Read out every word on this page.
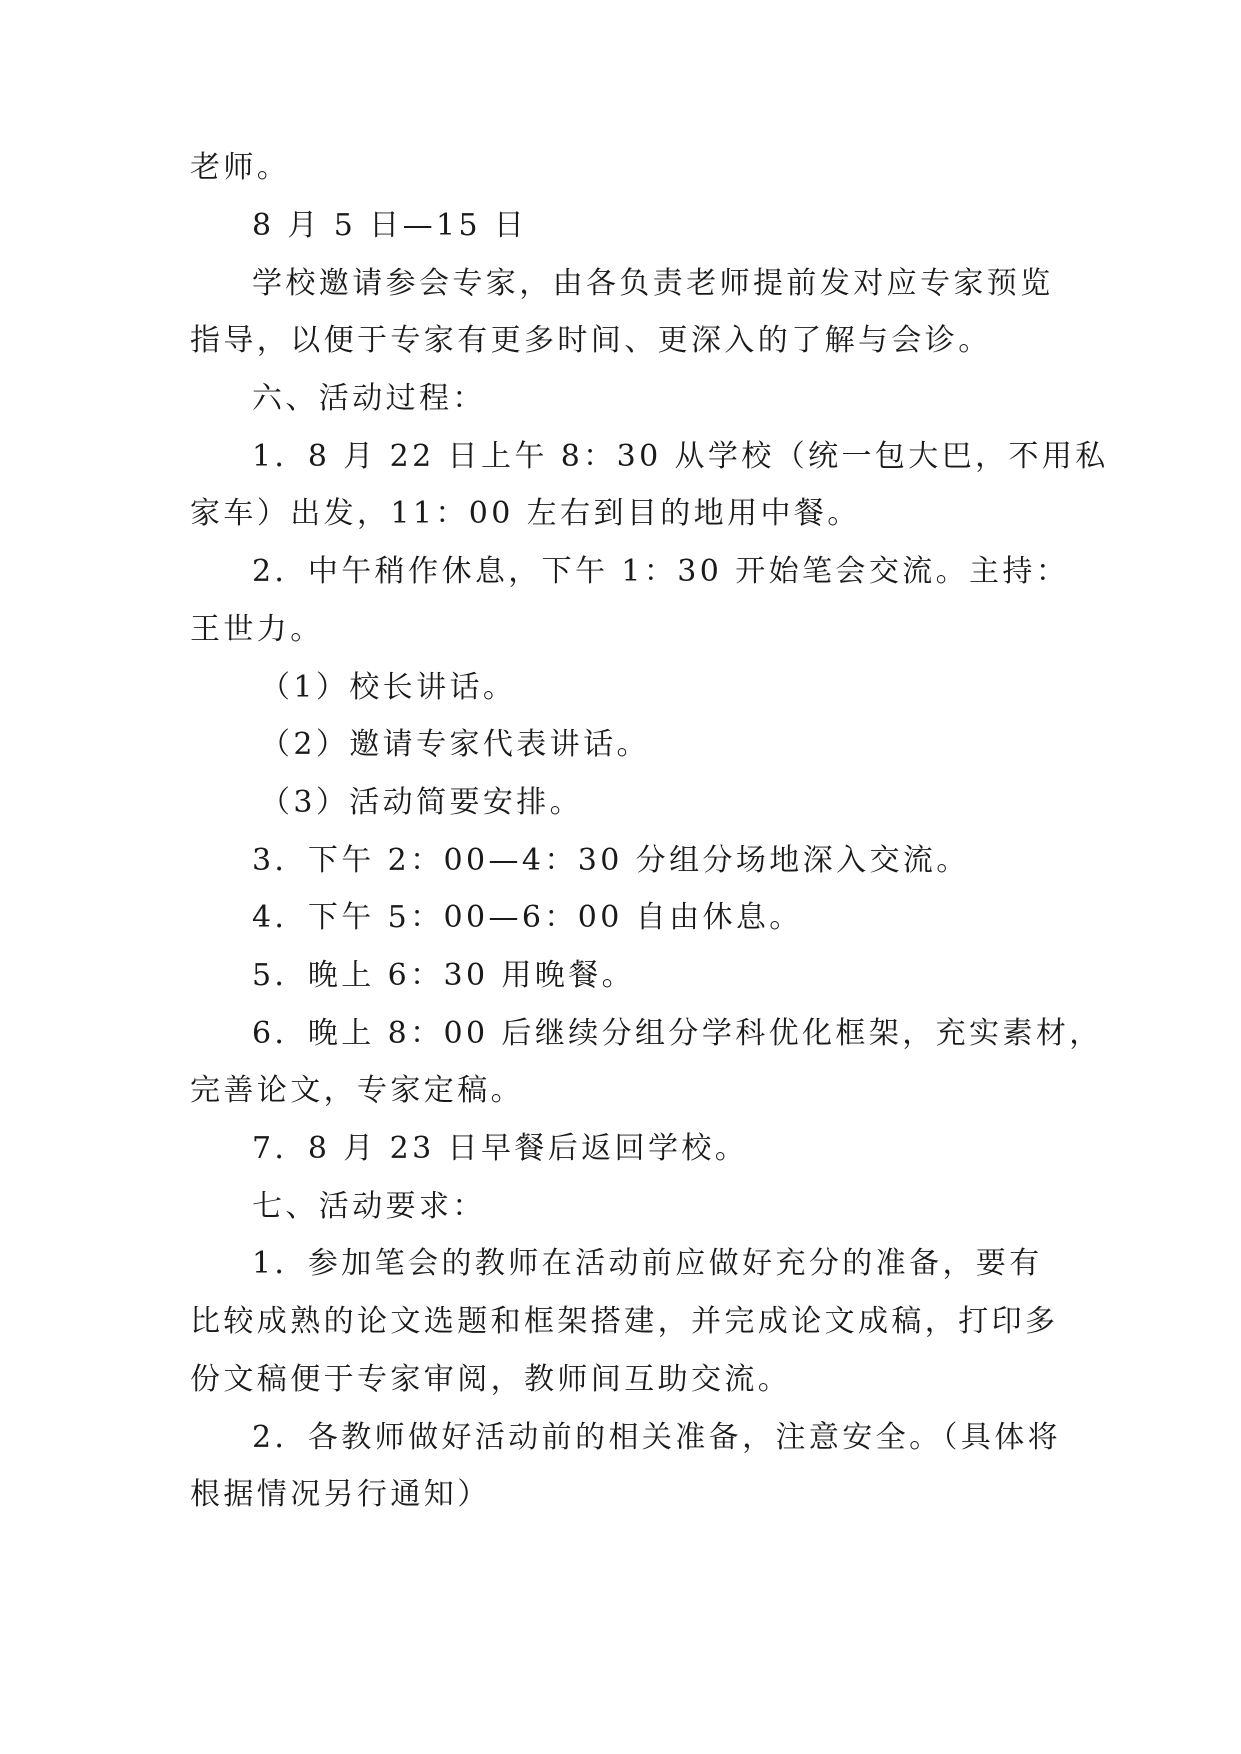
老师。
8 月 5 日—15 日
学校邀请参会专家，由各负责老师提前发对应专家预览
指导，以便于专家有更多时间、更深入的了解与会诊。
六、活动过程：
1．8 月 22 日上午 8：30 从学校（统一包大巴，不用私
家车）出发，11：00 左右到目的地用中餐。
2．中午稍作休息，下午 1：30 开始笔会交流。主持：
王世力。
（1）校长讲话。
（2）邀请专家代表讲话。
（3）活动简要安排。
3．下午 2：00—4：30 分组分场地深入交流。
4．下午 5：00—6：00 自由休息。
5．晚上 6：30 用晚餐。
6．晚上 8：00 后继续分组分学科优化框架，充实素材，
完善论文，专家定稿。
7．8 月 23 日早餐后返回学校。
七、活动要求：
1．参加笔会的教师在活动前应做好充分的准备，要有
比较成熟的论文选题和框架搭建，并完成论文成稿，打印多
份文稿便于专家审阅，教师间互助交流。
2．各教师做好活动前的相关准备，注意安全。（具体将
根据情况另行通知）
